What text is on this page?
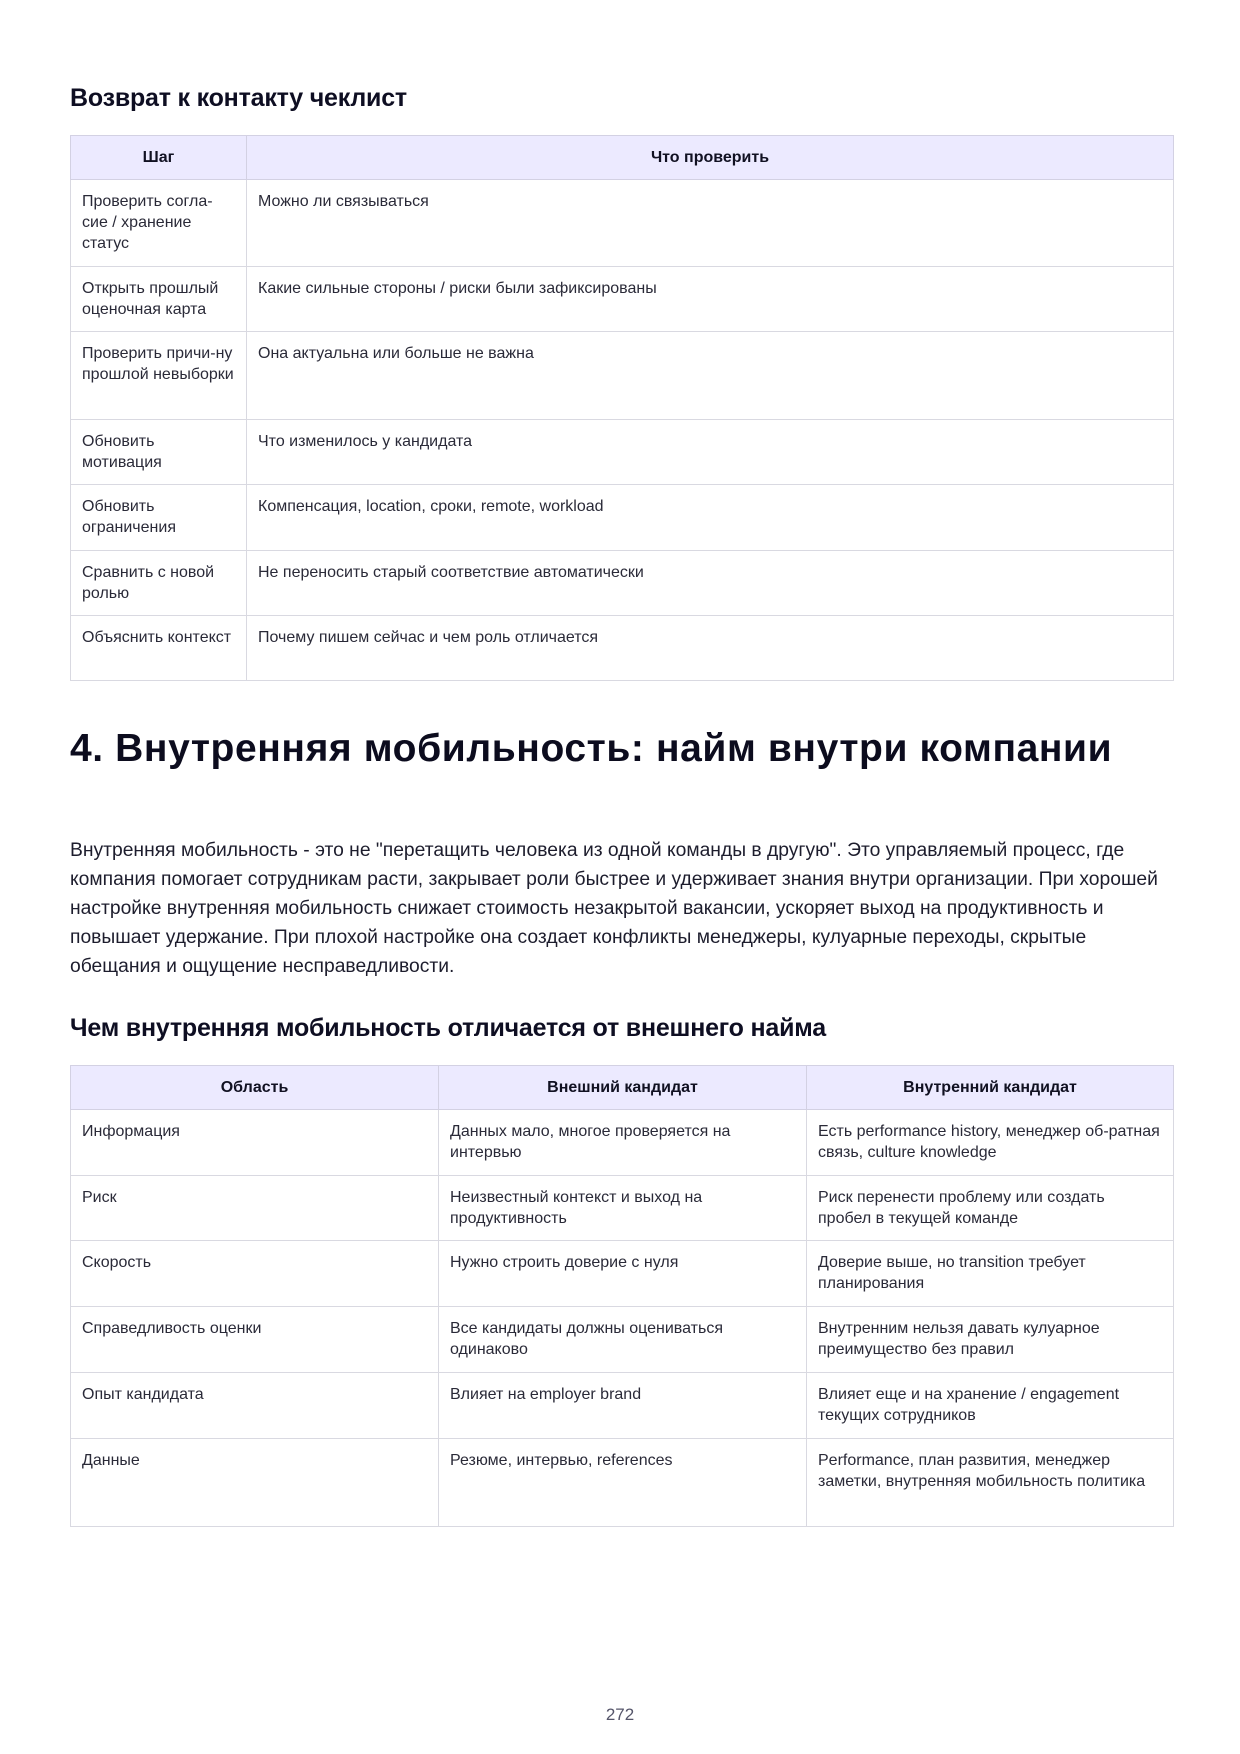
Возврат к контакту чеклист
Шаг	Что проверить
Проверить согла-сие / хранение статус	Можно ли связываться
Открыть прошлый оценочная карта	Какие сильные стороны / риски были зафиксированы
Проверить причи-ну прошлой невыборки	Она актуальна или больше не важна
Обновить мотивация	Что изменилось у кандидата
Обновить ограничения	Компенсация, location, сроки, remote, workload
Сравнить с новой ролью	Не переносить старый соответствие автоматически
Объяснить контекст	Почему пишем сейчас и чем роль отличается
4. Внутренняя мобильность: найм внутри компании

Внутренняя мобильность - это не "перетащить человека из одной команды в другую". Это управляемый процесс, где компания помогает сотрудникам расти, закрывает роли быстрее и удерживает знания внутри организации. При хорошей настройке внутренняя мобильность снижает стоимость незакрытой вакансии, ускоряет выход на продуктивность и повышает удержание. При плохой настройке она создает конфликты менеджеры, кулуарные переходы, скрытые обещания и ощущение несправедливости.

Чем внутренняя мобильность отличается от внешнего найма
Область	Внешний кандидат	Внутренний кандидат
Информация	Данных мало, многое проверяется на интервью	Есть performance history, менеджер об-ратная связь, culture knowledge
Риск	Неизвестный контекст и выход на продуктивность	Риск перенести проблему или создать пробел в текущей команде
Скорость	Нужно строить доверие с нуля	Доверие выше, но transition требует планирования
Справедливость оценки	Все кандидаты должны оцениваться одинаково	Внутренним нельзя давать кулуарное преимущество без правил
Опыт кандидата	Влияет на employer brand	Влияет еще и на хранение / engagement текущих сотрудников
Данные	Резюме, интервью, references	Performance, план развития, менеджер заметки, внутренняя мобильность политика
272
